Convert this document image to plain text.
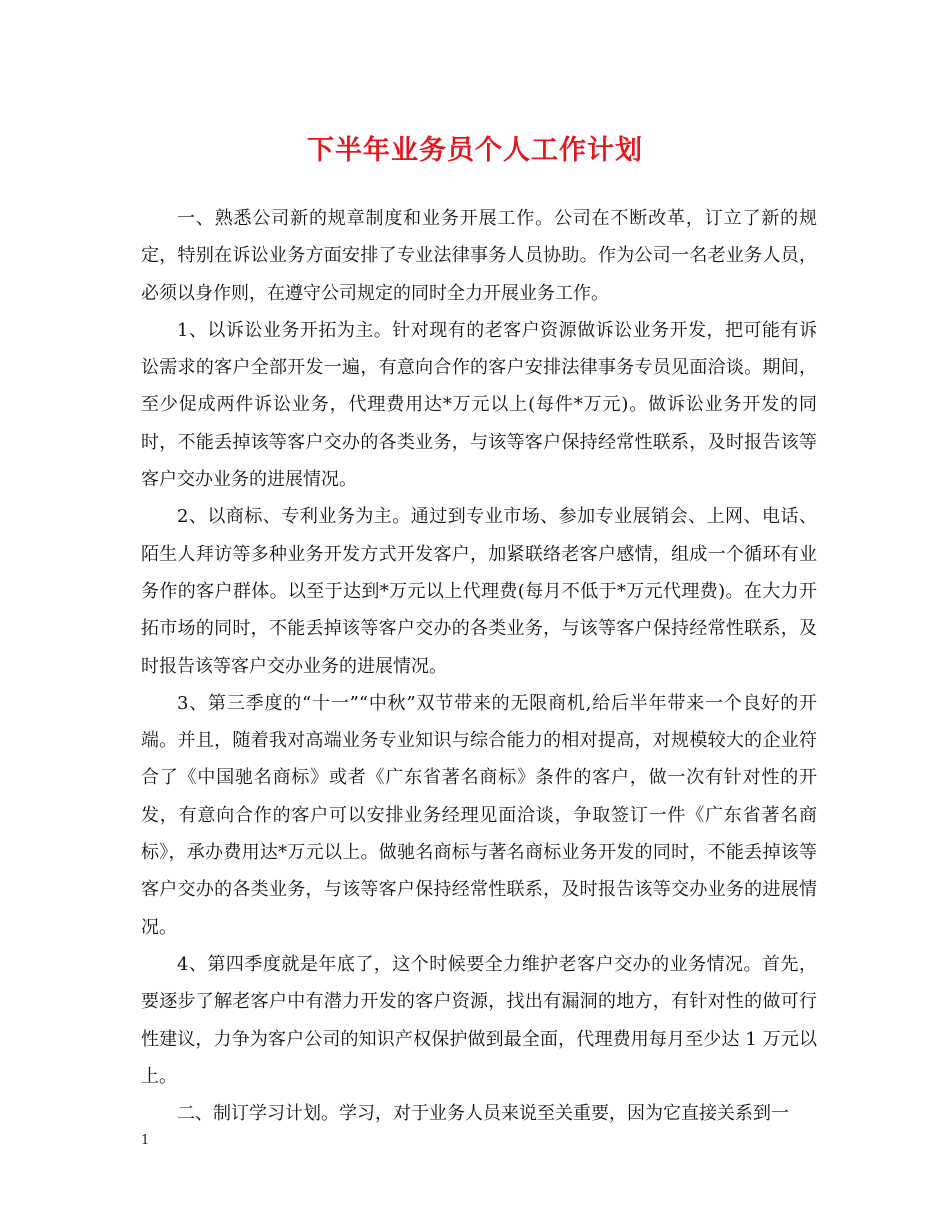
下半年业务员个人工作计划

一、熟悉公司新的规章制度和业务开展工作。公司在不断改革，订立了新的规定，特别在诉讼业务方面安排了专业法律事务人员协助。作为公司一名老业务人员，必须以身作则，在遵守公司规定的同时全力开展业务工作。

1、以诉讼业务开拓为主。针对现有的老客户资源做诉讼业务开发，把可能有诉讼需求的客户全部开发一遍，有意向合作的客户安排法律事务专员见面洽谈。期间，至少促成两件诉讼业务，代理费用达*万元以上(每件*万元)。做诉讼业务开发的同时，不能丢掉该等客户交办的各类业务，与该等客户保持经常性联系，及时报告该等客户交办业务的进展情况。

2、以商标、专利业务为主。通过到专业市场、参加专业展销会、上网、电话、陌生人拜访等多种业务开发方式开发客户，加紧联络老客户感情，组成一个循环有业务作的客户群体。以至于达到*万元以上代理费(每月不低于*万元代理费)。在大力开拓市场的同时，不能丢掉该等客户交办的各类业务，与该等客户保持经常性联系，及时报告该等客户交办业务的进展情况。

3、第三季度的“十一”“中秋”双节带来的无限商机,给后半年带来一个良好的开端。并且，随着我对高端业务专业知识与综合能力的相对提高，对规模较大的企业符合了《中国驰名商标》或者《广东省著名商标》条件的客户，做一次有针对性的开发，有意向合作的客户可以安排业务经理见面洽谈，争取签订一件《广东省著名商标》，承办费用达*万元以上。做驰名商标与著名商标业务开发的同时，不能丢掉该等客户交办的各类业务，与该等客户保持经常性联系，及时报告该等交办业务的进展情况。

4、第四季度就是年底了，这个时候要全力维护老客户交办的业务情况。首先，要逐步了解老客户中有潜力开发的客户资源，找出有漏洞的地方，有针对性的做可行性建议，力争为客户公司的知识产权保护做到最全面，代理费用每月至少达 1 万元以上。

二、制订学习计划。学习，对于业务人员来说至关重要，因为它直接关系到一

1
